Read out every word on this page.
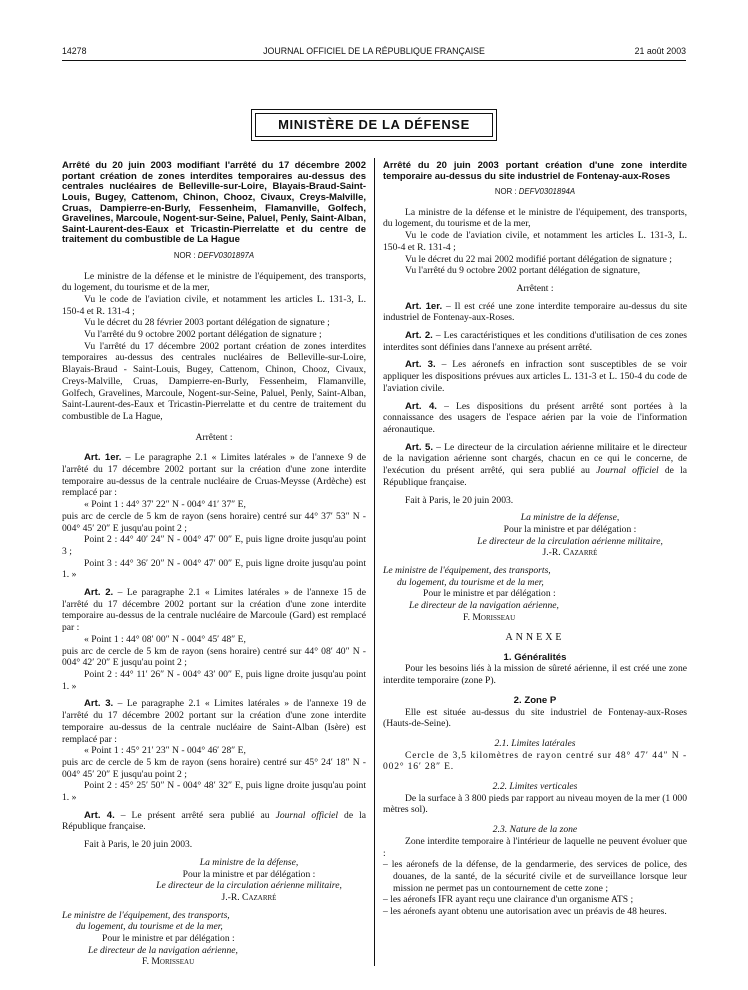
14278	JOURNAL OFFICIEL DE LA RÉPUBLIQUE FRANÇAISE	21 août 2003
MINISTÈRE DE LA DÉFENSE

Arrêté du 20 juin 2003 modifiant l'arrêté du 17 décembre 2002 portant création de zones interdites temporaires au-dessus des centrales nucléaires de Belleville-sur-Loire, Blayais-Braud-Saint-Louis, Bugey, Cattenom, Chinon, Chooz, Civaux, Creys-Malville, Cruas, Dampierre-en-Burly, Fessenheim, Flamanville, Golfech, Gravelines, Marcoule, Nogent-sur-Seine, Paluel, Penly, Saint-Alban, Saint-Laurent-des-Eaux et Tricastin-Pierrelatte et du centre de traitement du combustible de La Hague

NOR : DEFV0301897A

Le ministre de la défense et le ministre de l'équipement, des transports, du logement, du tourisme et de la mer,

Vu le code de l'aviation civile, et notamment les articles L. 131-3, L. 150-4 et R. 131-4 ;

Vu le décret du 28 février 2003 portant délégation de signature ;

Vu l'arrêté du 9 octobre 2002 portant délégation de signature ;

Vu l'arrêté du 17 décembre 2002 portant création de zones interdites temporaires au-dessus des centrales nucléaires de Belleville-sur-Loire, Blayais-Braud - Saint-Louis, Bugey, Cattenom, Chinon, Chooz, Civaux, Creys-Malville, Cruas, Dampierre-en-Burly, Fessenheim, Flamanville, Golfech, Gravelines, Marcoule, Nogent-sur-Seine, Paluel, Penly, Saint-Alban, Saint-Laurent-des-Eaux et Tricastin-Pierrelatte et du centre de traitement du combustible de La Hague,

Arrêtent :

Art. 1er. – Le paragraphe 2.1 « Limites latérales » de l'annexe 9 de l'arrêté du 17 décembre 2002 portant sur la création d'une zone interdite temporaire au-dessus de la centrale nucléaire de Cruas-Meysse (Ardèche) est remplacé par :

« Point 1 : 44° 37′ 22″ N - 004° 41′ 37″ E,

puis arc de cercle de 5 km de rayon (sens horaire) centré sur 44° 37′ 53″ N - 004° 45′ 20″ E jusqu'au point 2 ;

Point 2 : 44° 40′ 24″ N - 004° 47′ 00″ E, puis ligne droite jusqu'au point 3 ;

Point 3 : 44° 36′ 20″ N - 004° 47′ 00″ E, puis ligne droite jusqu'au point 1. »

Art. 2. – Le paragraphe 2.1 « Limites latérales » de l'annexe 15 de l'arrêté du 17 décembre 2002 portant sur la création d'une zone interdite temporaire au-dessus de la centrale nucléaire de Marcoule (Gard) est remplacé par :

« Point 1 : 44° 08′ 00″ N - 004° 45′ 48″ E,

puis arc de cercle de 5 km de rayon (sens horaire) centré sur 44° 08′ 40″ N - 004° 42′ 20″ E jusqu'au point 2 ;

Point 2 : 44° 11′ 26″ N - 004° 43′ 00″ E, puis ligne droite jusqu'au point 1. »

Art. 3. – Le paragraphe 2.1 « Limites latérales » de l'annexe 19 de l'arrêté du 17 décembre 2002 portant sur la création d'une zone interdite temporaire au-dessus de la centrale nucléaire de Saint-Alban (Isère) est remplacé par :

« Point 1 : 45° 21′ 23″ N - 004° 46′ 28″ E,

puis arc de cercle de 5 km de rayon (sens horaire) centré sur 45° 24′ 18″ N - 004° 45′ 20″ E jusqu'au point 2 ;

Point 2 : 45° 25′ 50″ N - 004° 48′ 32″ E, puis ligne droite jusqu'au point 1. »

Art. 4. – Le présent arrêté sera publié au Journal officiel de la République française.

Fait à Paris, le 20 juin 2003.

La ministre de la défense,

Pour la ministre et par délégation :

Le directeur de la circulation aérienne militaire,

J.-R. Cazarré

Le ministre de l'équipement, des transports,

du logement, du tourisme et de la mer,

Pour le ministre et par délégation :

Le directeur de la navigation aérienne,

F. Morisseau

Arrêté du 20 juin 2003 portant création d'une zone interdite temporaire au-dessus du site industriel de Fontenay-aux-Roses

NOR : DEFV0301894A

La ministre de la défense et le ministre de l'équipement, des transports, du logement, du tourisme et de la mer,

Vu le code de l'aviation civile, et notamment les articles L. 131-3, L. 150-4 et R. 131-4 ;

Vu le décret du 22 mai 2002 modifié portant délégation de signature ;

Vu l'arrêté du 9 octobre 2002 portant délégation de signature,

Arrêtent :

Art. 1er. – Il est créé une zone interdite temporaire au-dessus du site industriel de Fontenay-aux-Roses.

Art. 2. – Les caractéristiques et les conditions d'utilisation de ces zones interdites sont définies dans l'annexe au présent arrêté.

Art. 3. – Les aéronefs en infraction sont susceptibles de se voir appliquer les dispositions prévues aux articles L. 131-3 et L. 150-4 du code de l'aviation civile.

Art. 4. – Les dispositions du présent arrêté sont portées à la connaissance des usagers de l'espace aérien par la voie de l'information aéronautique.

Art. 5. – Le directeur de la circulation aérienne militaire et le directeur de la navigation aérienne sont chargés, chacun en ce qui le concerne, de l'exécution du présent arrêté, qui sera publié au Journal officiel de la République française.

Fait à Paris, le 20 juin 2003.

La ministre de la défense,

Pour la ministre et par délégation :

Le directeur de la circulation aérienne militaire,

J.-R. Cazarré

Le ministre de l'équipement, des transports,

du logement, du tourisme et de la mer,

Pour le ministre et par délégation :

Le directeur de la navigation aérienne,

F. Morisseau

ANNEXE

1. Généralités

Pour les besoins liés à la mission de sûreté aérienne, il est créé une zone interdite temporaire (zone P).

2. Zone P

Elle est située au-dessus du site industriel de Fontenay-aux-Roses (Hauts-de-Seine).

2.1. Limites latérales

Cercle de 3,5 kilomètres de rayon centré sur 48° 47′ 44″ N - 002° 16′ 28″ E.

2.2. Limites verticales

De la surface à 3 800 pieds par rapport au niveau moyen de la mer (1 000 mètres sol).

2.3. Nature de la zone

Zone interdite temporaire à l'intérieur de laquelle ne peuvent évoluer que :

– les aéronefs de la défense, de la gendarmerie, des services de police, des douanes, de la santé, de la sécurité civile et de surveillance lorsque leur mission ne permet pas un contournement de cette zone ;
– les aéronefs IFR ayant reçu une clairance d'un organisme ATS ;
– les aéronefs ayant obtenu une autorisation avec un préavis de 48 heures.
